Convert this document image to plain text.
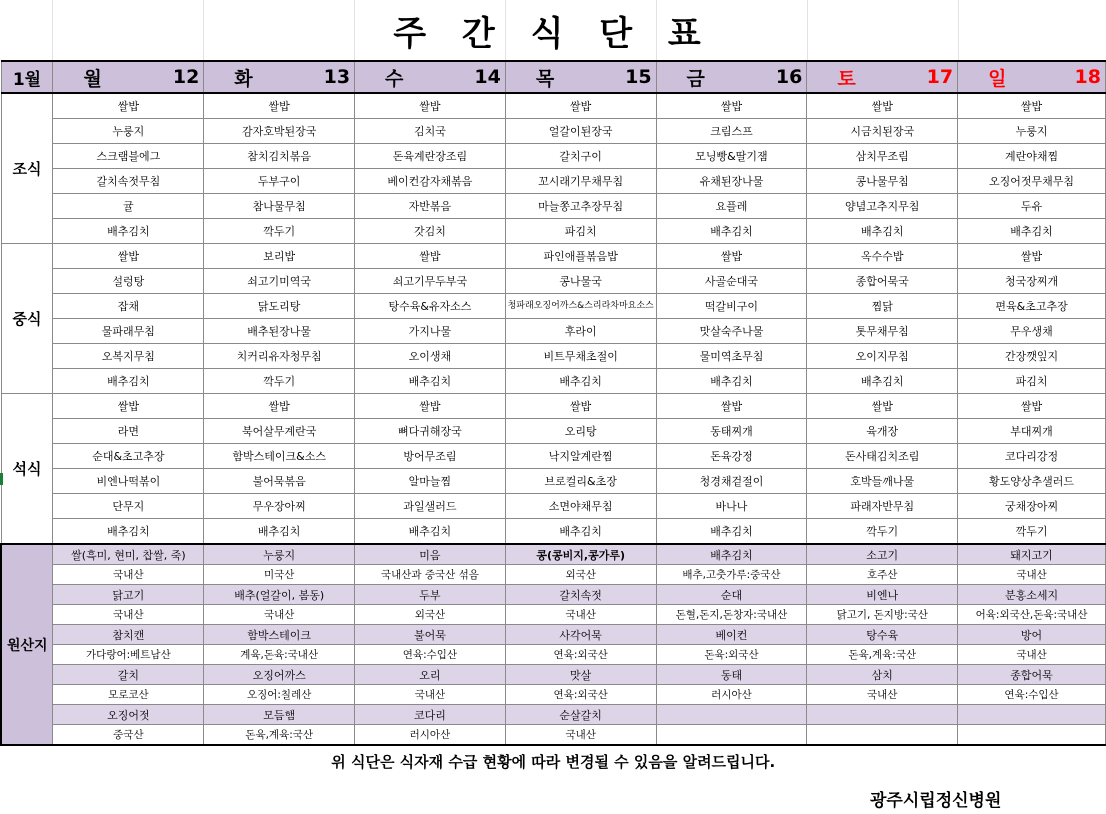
주 간 식 단 표
1월	월 12	화 13	수 14	목 15	금 16	토 17	일 18

조식	쌀밥	쌀밥	쌀밥	쌀밥	쌀밥	쌀밥	쌀밥
	누룽지	감자호박된장국	김치국	얼갈이된장국	크림스프	시금치된장국	누룽지
	스크램블에그	참치김치볶음	돈육계란장조림	갈치구이	모닝빵&딸기잼	삼치무조림	계란야채찜
	갈치속젓무침	두부구이	베이컨감자채볶음	꼬시래기무채무침	유채된장나물	콩나물무침	오징어젓무채무침
	귤	참나물무침	자반볶음	마늘쫑고추장무침	요플레	양념고추지무침	두유
	배추김치	깍두기	갓김치	파김치	배추김치	배추김치	배추김치
중식	쌀밥	보리밥	쌀밥	파인애플볶음밥	쌀밥	옥수수밥	쌀밥
	설렁탕	쇠고기미역국	쇠고기무두부국	콩나물국	사골순대국	종합어묵국	청국장찌개
	잡채	닭도리탕	탕수육&유자소스	청파래오징어까스&스리라차마요소스	떡갈비구이	찜닭	편육&초고추장
	물파래무침	배추된장나물	가지나물	후라이	맛살숙주나물	톳무채무침	무우생채
	오복지무침	치커리유자청무침	오이생채	비트무채초절이	물미역초무침	오이지무침	간장깻잎지
	배추김치	깍두기	배추김치	배추김치	배추김치	배추김치	파김치
석식	쌀밥	쌀밥	쌀밥	쌀밥	쌀밥	쌀밥	쌀밥
	라면	북어살무계란국	뼈다귀해장국	오리탕	동태찌개	육개장	부대찌개
	순대&초고추장	함박스테이크&소스	방어무조림	낙지알계란찜	돈육강정	돈사태김치조림	코다리강정
	비엔나떡볶이	불어묵볶음	알마늘찜	브로컬리&초장	청경채겉절이	호박들깨나물	황도양상추샐러드
	단무지	무우장아찌	과일샐러드	소면야채무침	바나나	파래자반무침	궁채장아찌
	배추김치	배추김치	배추김치	배추김치	배추김치	깍두기	깍두기
원산지	쌀(흑미, 현미, 찹쌀, 죽)	누룽지	미음	콩(콩비지,콩가루)	배추김치	소고기	돼지고기
	국내산	미국산	국내산과 중국산 섞음	외국산	배추,고춧가루:중국산	호주산	국내산
	닭고기	배추(얼갈이, 봄동)	두부	갈치속젓	순대	비엔나	분홍소세지
	국내산	국내산	외국산	국내산	돈혈,돈지,돈창자:국내산	닭고기, 돈지방:국산	어육:외국산,돈육:국내산
	참치캔	함박스테이크	불어묵	사각어묵	베이컨	탕수육	방어
	가다랑어:베트남산	계육,돈육:국내산	연육:수입산	연육:외국산	돈육:외국산	돈육,계육:국산	국내산
	갈치	오징어까스	오리	맛살	동태	삼치	종합어묵
	모로코산	오징어:칠레산	국내산	연육:외국산	러시아산	국내산	연육:수입산
	오징어젓	모듬햄	코다리	순살갈치			
	중국산	돈육,계육:국산	러시아산	국내산			
위 식단은 식자재 수급 현황에 따라 변경될 수 있음을 알려드립니다.							
광주시립정신병원
